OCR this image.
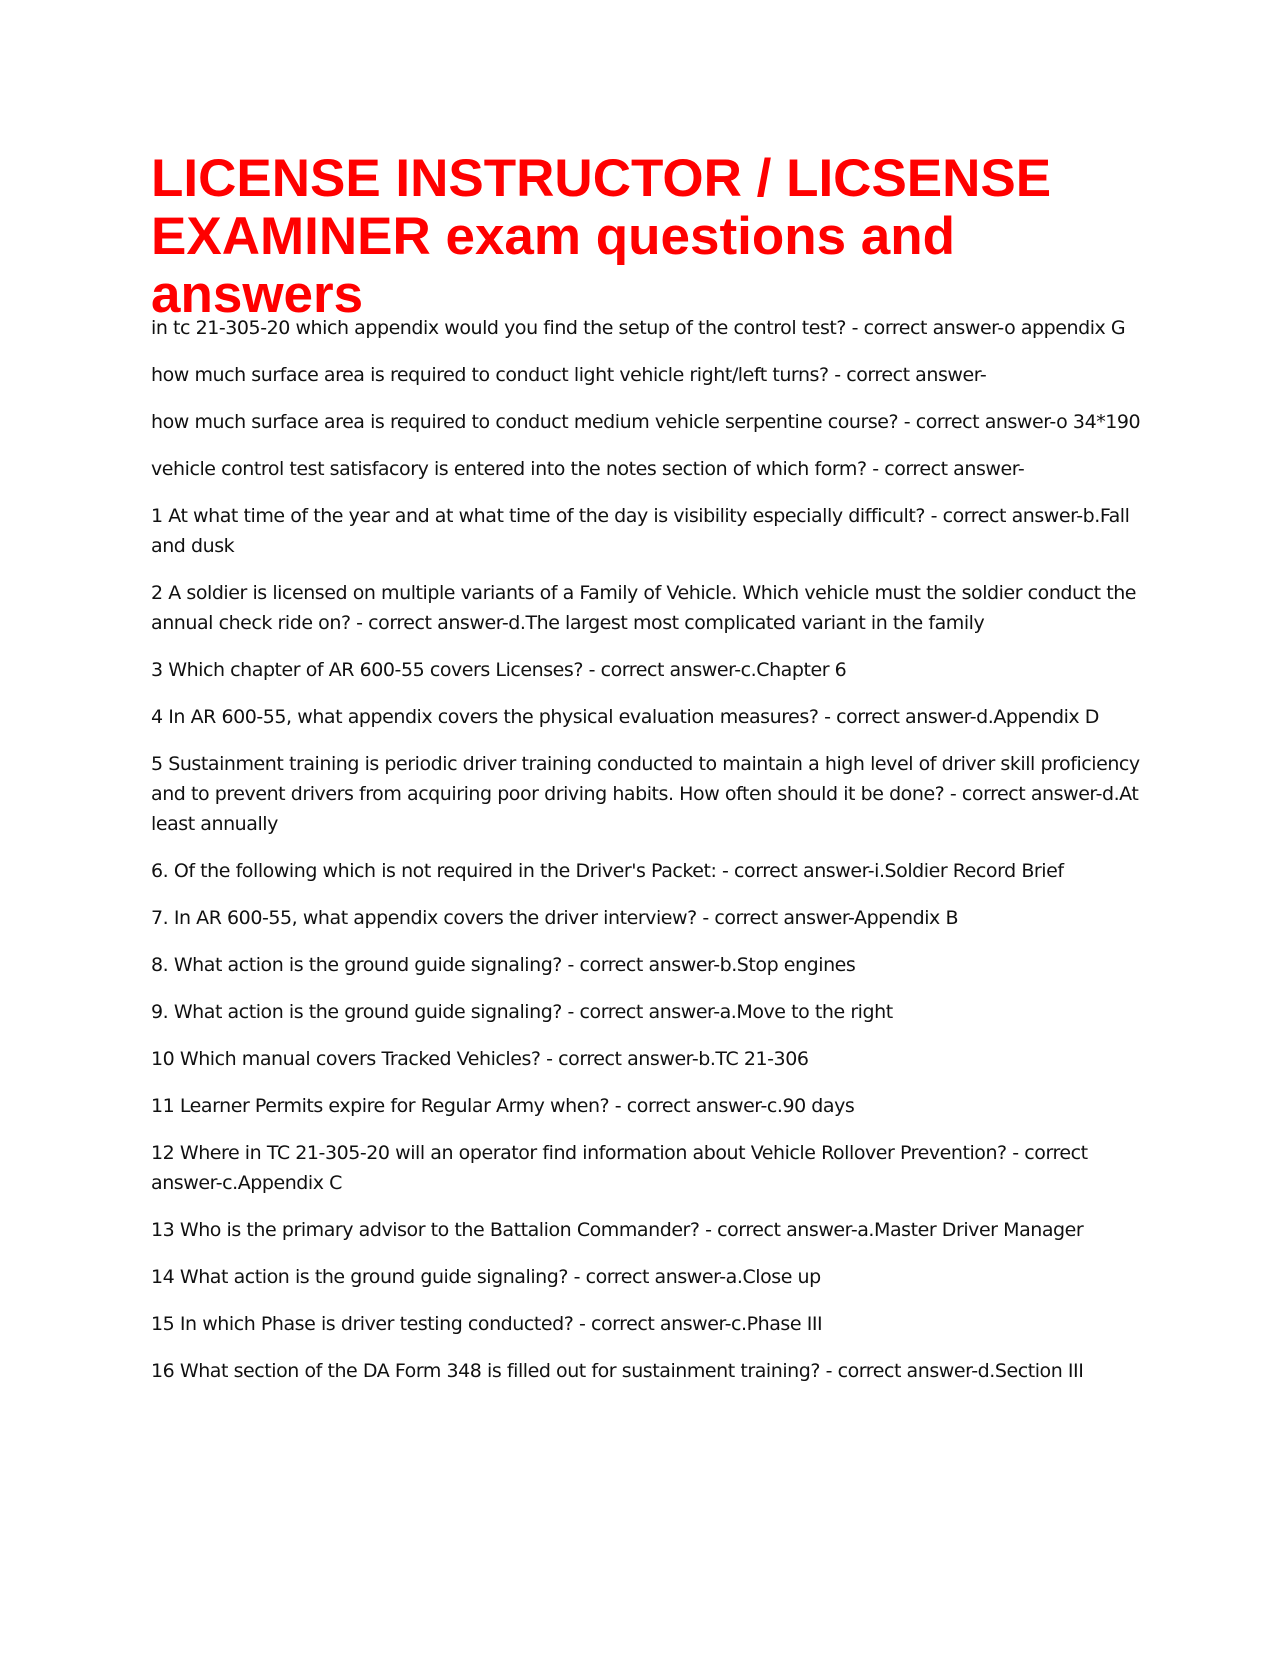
LICENSE INSTRUCTOR / LICSENSE
EXAMINER exam questions and answers
in tc 21-305-20 which appendix would you find the setup of the control test? - correct answer-o appendix G
how much surface area is required to conduct light vehicle right/left turns? - correct answer-
how much surface area is required to conduct medium vehicle serpentine course? - correct answer-o 34*190
vehicle control test satisfacory is entered into the notes section of which form? - correct answer-
1 At what time of the year and at what time of the day is visibility especially difficult? - correct answer-b.Fall and dusk
2 A soldier is licensed on multiple variants of a Family of Vehicle. Which vehicle must the soldier conduct the annual check ride on? - correct answer-d.The largest most complicated variant in the family
3 Which chapter of AR 600-55 covers Licenses? - correct answer-c.Chapter 6
4 In AR 600-55, what appendix covers the physical evaluation measures? - correct answer-d.Appendix D
5 Sustainment training is periodic driver training conducted to maintain a high level of driver skill proficiency and to prevent drivers from acquiring poor driving habits. How often should it be done? - correct answer-d.At least annually
6. Of the following which is not required in the Driver's Packet: - correct answer-i.Soldier Record Brief
7. In AR 600-55, what appendix covers the driver interview? - correct answer-Appendix B
8. What action is the ground guide signaling? - correct answer-b.Stop engines
9. What action is the ground guide signaling? - correct answer-a.Move to the right
10 Which manual covers Tracked Vehicles? - correct answer-b.TC 21-306
11 Learner Permits expire for Regular Army when? - correct answer-c.90 days
12 Where in TC 21-305-20 will an operator find information about Vehicle Rollover Prevention? - correct answer-c.Appendix C
13 Who is the primary advisor to the Battalion Commander? - correct answer-a.Master Driver Manager
14 What action is the ground guide signaling? - correct answer-a.Close up
15 In which Phase is driver testing conducted? - correct answer-c.Phase III
16 What section of the DA Form 348 is filled out for sustainment training? - correct answer-d.Section III
